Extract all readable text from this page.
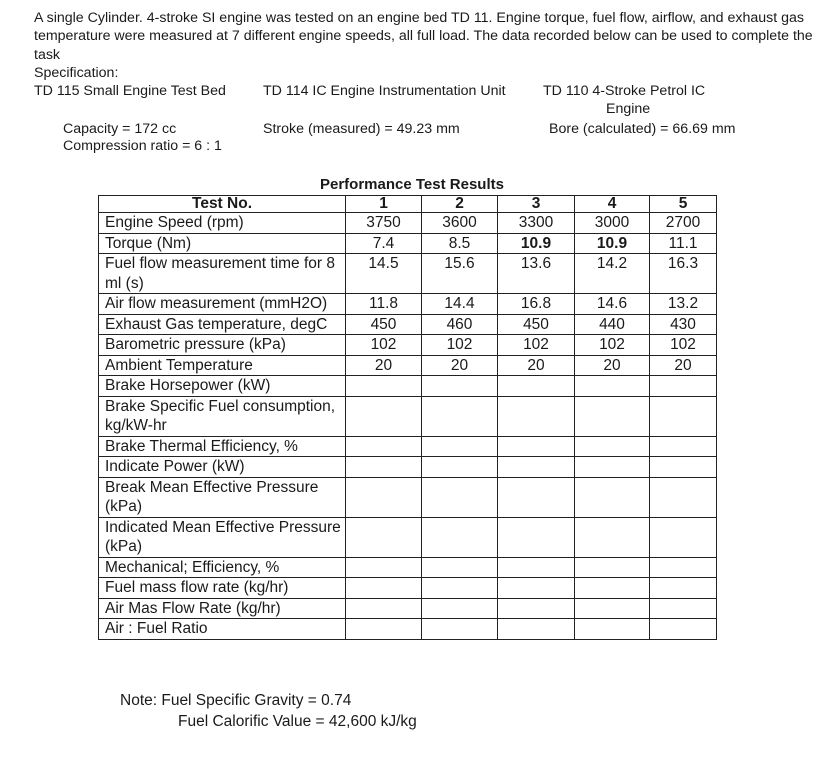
A single Cylinder. 4-stroke SI engine was tested on an engine bed TD 11. Engine torque, fuel flow, airflow, and exhaust gas temperature were measured at 7 different engine speeds, all full load. The data recorded below can be used to complete the task
Specification:
TD 115 Small Engine Test Bed	TD 114 IC Engine Instrumentation Unit	TD 110 4-Stroke Petrol IC
Engine
Capacity = 172 cc
Compression ratio = 6 : 1
Stroke (measured) = 49.23 mm	Bore (calculated) = 66.69 mm
Performance Test Results
Test No.	1	2	3	4	5
Engine Speed (rpm)	3750	3600	3300	3000	2700
Torque (Nm)	7.4	8.5	10.9	10.9	11.1
Fuel flow measurement time for 8 ml (s)	14.5	15.6	13.6	14.2	16.3
Air flow measurement (mmH2O)	11.8	14.4	16.8	14.6	13.2
Exhaust Gas temperature, degC	450	460	450	440	430
Barometric pressure (kPa)	102	102	102	102	102
Ambient Temperature	20	20	20	20	20
Brake Horsepower (kW)					
Brake Specific Fuel consumption, kg/kW-hr					
Brake Thermal Efficiency, %					
Indicate Power (kW)					
Break Mean Effective Pressure (kPa)					
Indicated Mean Effective Pressure (kPa)					
Mechanical; Efficiency, %					
Fuel mass flow rate (kg/hr)					
Air Mas Flow Rate (kg/hr)					
Air : Fuel Ratio					
Note: Fuel Specific Gravity = 0.74
Fuel Calorific Value = 42,600 kJ/kg
